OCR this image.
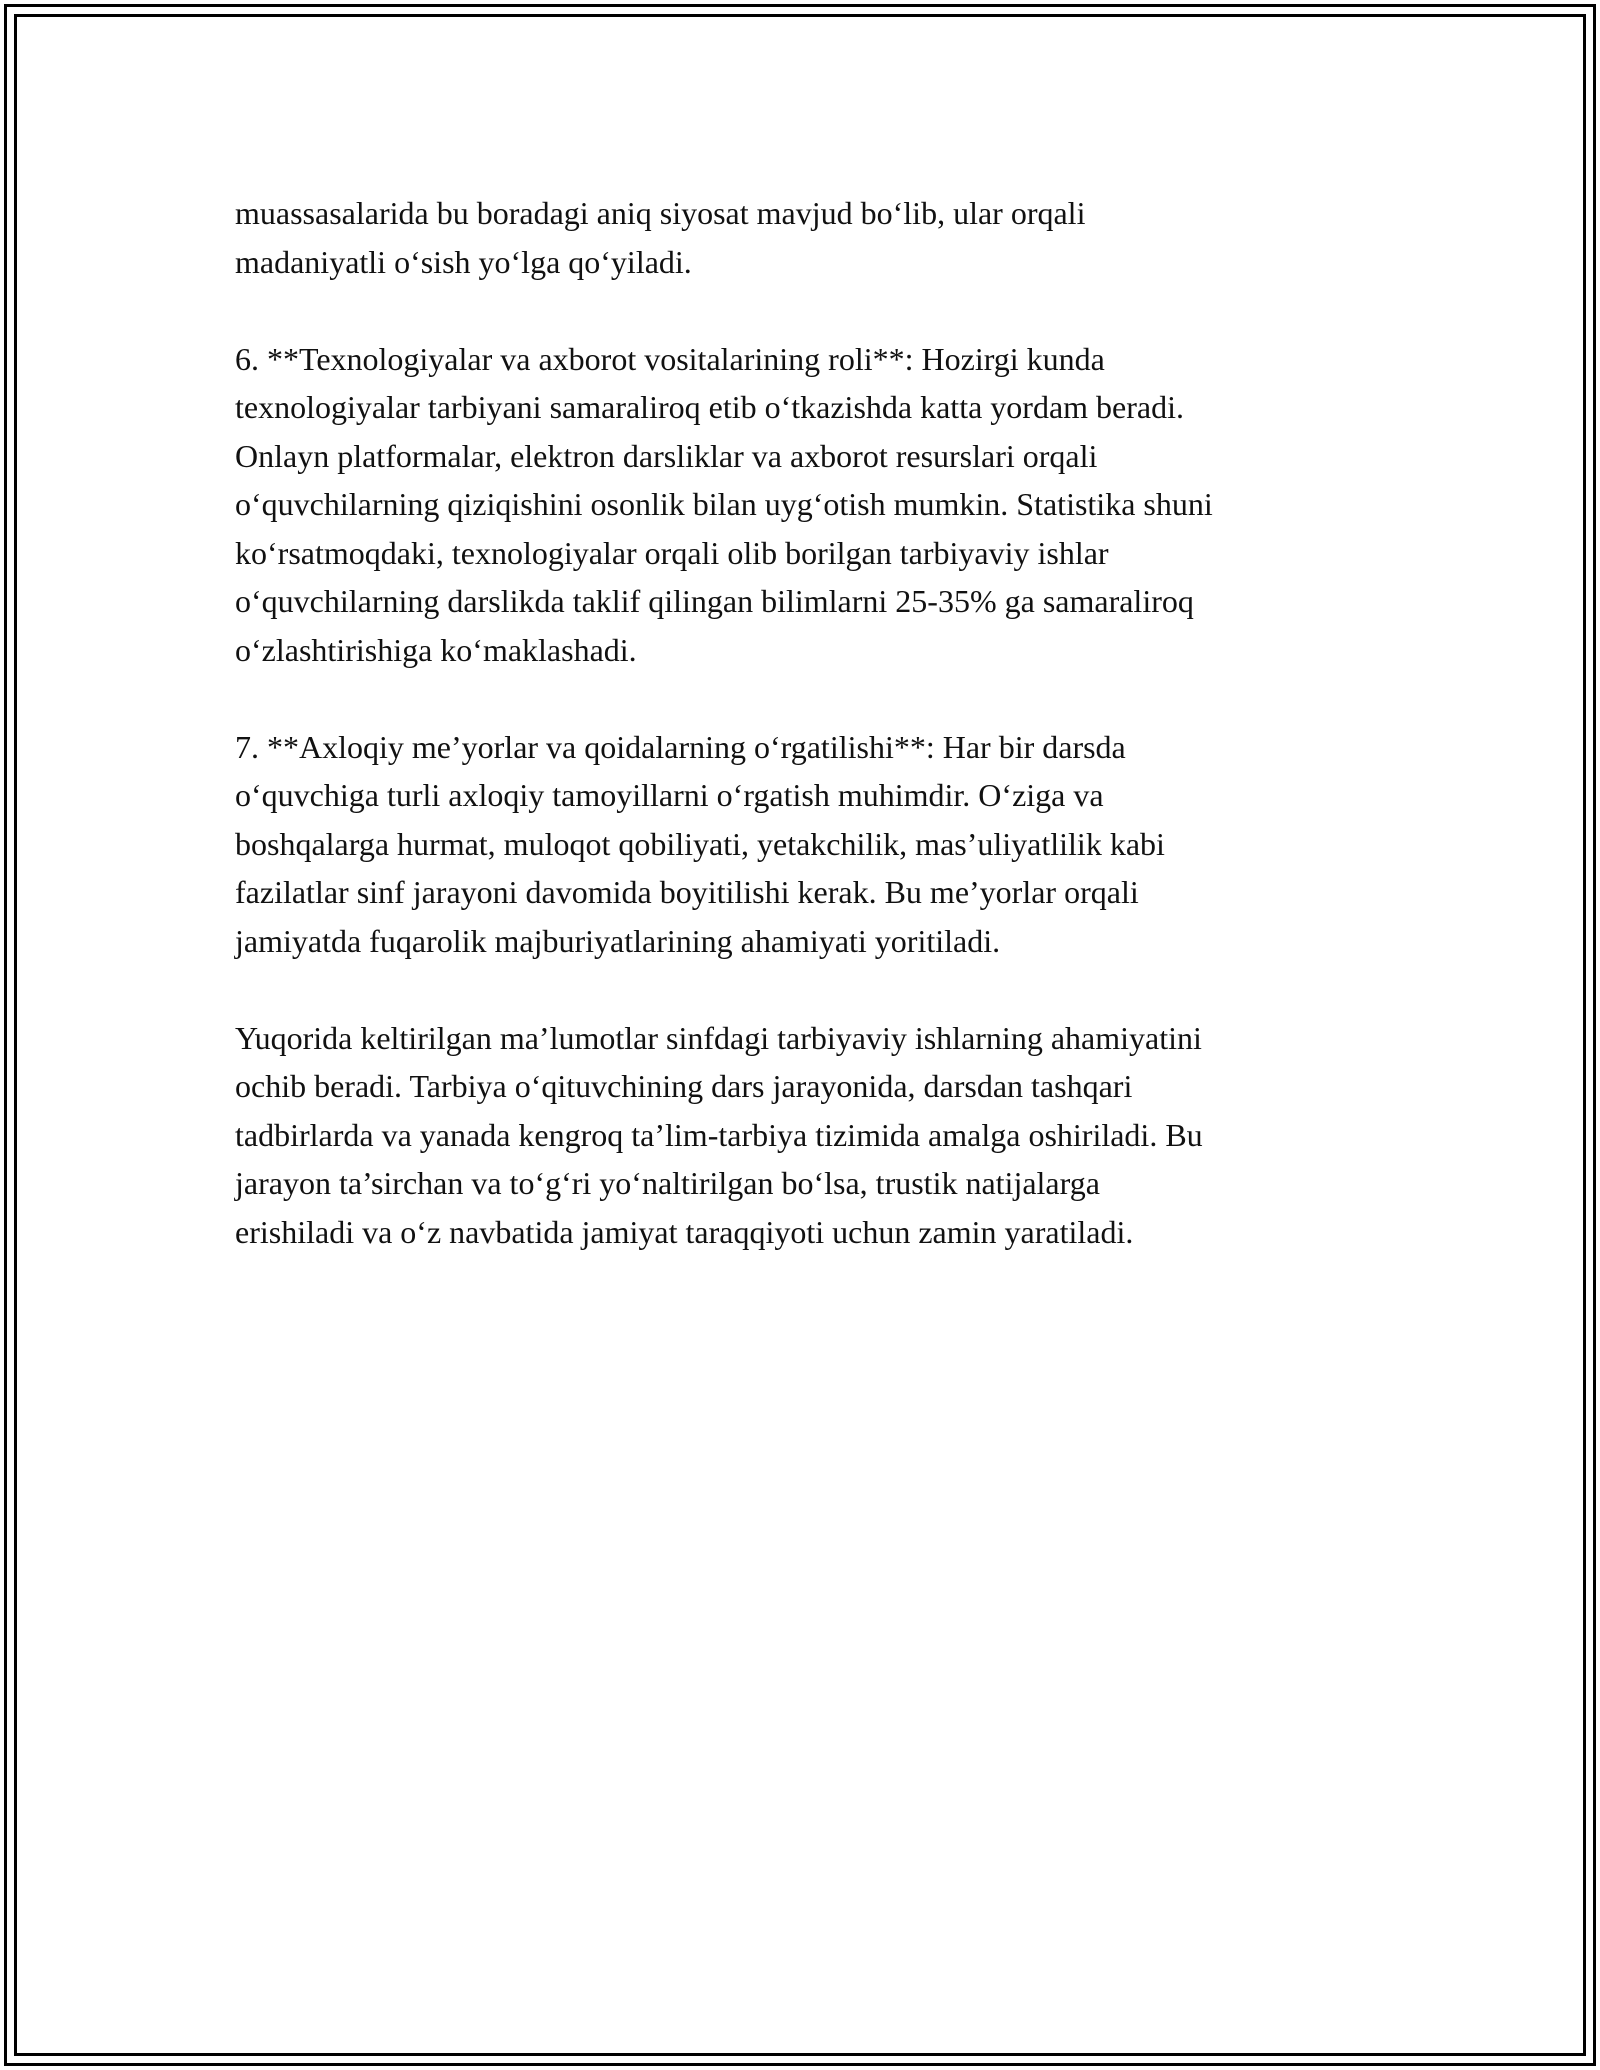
muassasalarida bu boradagi aniq siyosat mavjud bo‘lib, ular orqali
madaniyatli o‘sish yo‘lga qo‘yiladi.

6. **Texnologiyalar va axborot vositalarining roli**: Hozirgi kunda
texnologiyalar tarbiyani samaraliroq etib o‘tkazishda katta yordam beradi.
Onlayn platformalar, elektron darsliklar va axborot resurslari orqali
o‘quvchilarning qiziqishini osonlik bilan uyg‘otish mumkin. Statistika shuni
ko‘rsatmoqdaki, texnologiyalar orqali olib borilgan tarbiyaviy ishlar
o‘quvchilarning darslikda taklif qilingan bilimlarni 25-35% ga samaraliroq
o‘zlashtirishiga ko‘maklashadi.

7. **Axloqiy me’yorlar va qoidalarning o‘rgatilishi**: Har bir darsda
o‘quvchiga turli axloqiy tamoyillarni o‘rgatish muhimdir. O‘ziga va
boshqalarga hurmat, muloqot qobiliyati, yetakchilik, mas’uliyatlilik kabi
fazilatlar sinf jarayoni davomida boyitilishi kerak. Bu me’yorlar orqali
jamiyatda fuqarolik majburiyatlarining ahamiyati yoritiladi.

Yuqorida keltirilgan ma’lumotlar sinfdagi tarbiyaviy ishlarning ahamiyatini
ochib beradi. Tarbiya o‘qituvchining dars jarayonida, darsdan tashqari
tadbirlarda va yanada kengroq ta’lim-tarbiya tizimida amalga oshiriladi. Bu
jarayon ta’sirchan va to‘g‘ri yo‘naltirilgan bo‘lsa, trustik natijalarga
erishiladi va o‘z navbatida jamiyat taraqqiyoti uchun zamin yaratiladi.
